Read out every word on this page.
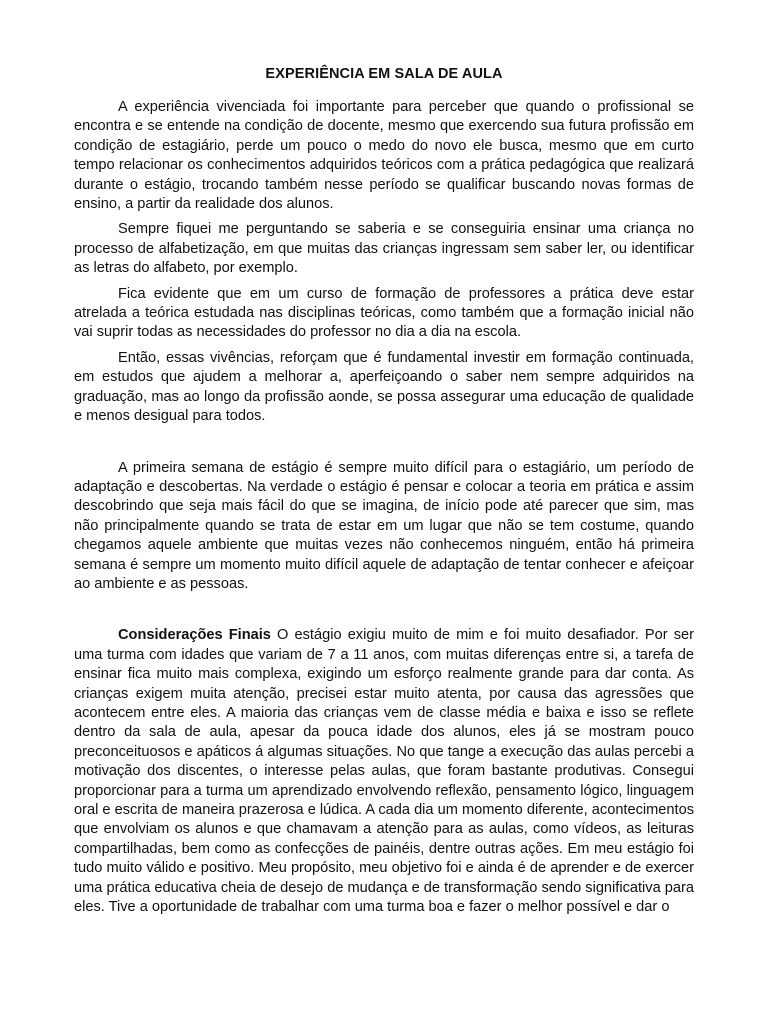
EXPERIÊNCIA EM SALA DE AULA

A experiência vivenciada foi importante para perceber que quando o profissional se encontra e se entende na condição de docente, mesmo que exercendo sua futura profissão em condição de estagiário, perde um pouco o medo do novo ele busca, mesmo que em curto tempo relacionar os conhecimentos adquiridos teóricos com a prática pedagógica que realizará durante o estágio, trocando também nesse período se qualificar buscando novas formas de ensino, a partir da realidade dos alunos.

Sempre fiquei me perguntando se saberia e se conseguiria ensinar uma criança no processo de alfabetização, em que muitas das crianças ingressam sem saber ler, ou identificar as letras do alfabeto, por exemplo.

Fica evidente que em um curso de formação de professores a prática deve estar atrelada a teórica estudada nas disciplinas teóricas, como também que a formação inicial não vai suprir todas as necessidades do professor no dia a dia na escola.

Então, essas vivências, reforçam que é fundamental investir em formação continuada, em estudos que ajudem a melhorar a, aperfeiçoando o saber nem sempre adquiridos na graduação, mas ao longo da profissão aonde, se possa assegurar uma educação de qualidade e menos desigual para todos.

A primeira semana de estágio é sempre muito difícil para o estagiário, um período de adaptação e descobertas. Na verdade o estágio é pensar e colocar a teoria em prática e assim descobrindo que seja mais fácil do que se imagina, de início pode até parecer que sim, mas não principalmente quando se trata de estar em um lugar que não se tem costume, quando chegamos aquele ambiente que muitas vezes não conhecemos ninguém, então há primeira semana é sempre um momento muito difícil aquele de adaptação de tentar conhecer e afeiçoar ao ambiente e as pessoas.

Considerações Finais O estágio exigiu muito de mim e foi muito desafiador. Por ser uma turma com idades que variam de 7 a 11 anos, com muitas diferenças entre si, a tarefa de ensinar fica muito mais complexa, exigindo um esforço realmente grande para dar conta. As crianças exigem muita atenção, precisei estar muito atenta, por causa das agressões que acontecem entre eles. A maioria das crianças vem de classe média e baixa e isso se reflete dentro da sala de aula, apesar da pouca idade dos alunos, eles já se mostram pouco preconceituosos e apáticos á algumas situações. No que tange a execução das aulas percebi a motivação dos discentes, o interesse pelas aulas, que foram bastante produtivas. Consegui proporcionar para a turma um aprendizado envolvendo reflexão, pensamento lógico, linguagem oral e escrita de maneira prazerosa e lúdica. A cada dia um momento diferente, acontecimentos que envolviam os alunos e que chamavam a atenção para as aulas, como vídeos, as leituras compartilhadas, bem como as confecções de painéis, dentre outras ações. Em meu estágio foi tudo muito válido e positivo. Meu propósito, meu objetivo foi e ainda é de aprender e de exercer uma prática educativa cheia de desejo de mudança e de transformação sendo significativa para eles. Tive a oportunidade de trabalhar com uma turma boa e fazer o melhor possível e dar o
